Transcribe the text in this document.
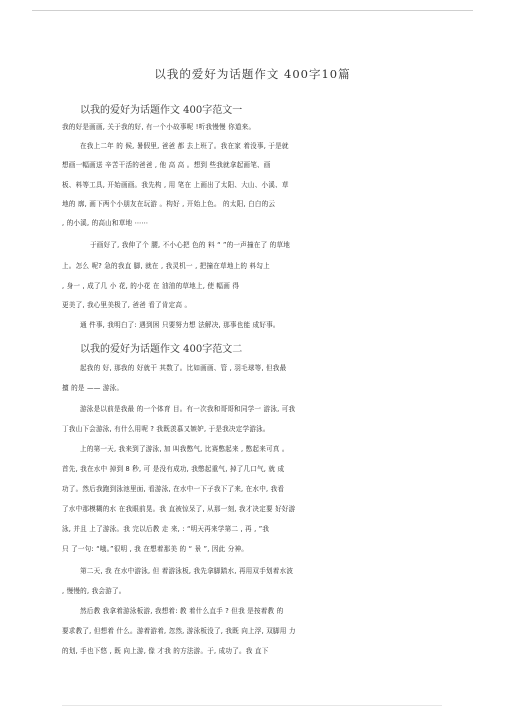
以我的爱好为话题作文 400字10篇
以我的爱好为话题作文 400字范文一
我的好是画画, 关于我的好, 有一个小故事呢 !听我慢慢 你道来。
在我上二年 的 候, 暑假里, 爸爸 都 去上班了。我在家 着没事, 于是就
想画一幅画送 辛苦干活的爸爸 , 他 高 高 。想到 些我就拿起画笔、画
板、料等工具, 开始画画。我先构 , 用 笔在 上画出了太阳、大山、小溪、草
地的 廓, 画下两个小朋友在玩游 。构好 , 开始上色。 的太阳, 白白的云
, 的小溪, 的高山和草地 ⋯⋯
于画好了, 我伸了个 腰, 不小心把 色的 料 “ ”的一声撞在了 的草地
上。怎么 呢? 急的我直 脚, 就在 , 我灵机一 , 把撞在草地上的 料勾上
, 身一 , 成了几 小 花, 的小花 在 油油的草地上, 使 幅画 得
更美了, 我心里美极了, 爸爸 看了肯定高 。
通 件事, 我明白了: 遇到困 只要努力想 法解决, 那事也能 成好事。
以我的爱好为话题作文 400字范文二
起我的 好, 那我的 好就干 其数了。比如画画、管 , 羽毛球等, 但我最
擅 的是 —— 游泳。
游泳是以前是我最 的一个体育 目。有一次我和哥哥和同学一 游泳, 可我
丁我山下会游泳, 有什么用呢 ? 我既羡慕又嫉妒, 于是我决定学游泳。
上的第一天, 我来到了游泳, 加 叫我憋气, 比赛憋起来 , 憋起来可真 。
首先, 我在水中 掉到 8 秒, 可 是没有成功, 我憋起重气, 掉了几口气, 就 成
功了。然后我跑到泳池里面, 看游泳, 在水中一下子我下了来, 在水中, 我看
了水中那模糊的水 在我眼前晃。我 直被惊呆了, 从那一刻, 我才决定要 好好游
泳, 并且 上了游泳。我 完以后教 走 来, : “明天再来学第二 , 再 , ”我
只 了一句: “哦。”很明 , 我 在想着那美 的 “ 景 ”, 因此 分神。
第二天, 我 在水中游泳, 但 着游泳板, 我先拿脚踏水, 再用双手划着水波
, 慢慢的, 我会游了。
然后教 我拿着游泳板游, 我想着: 教 着什么直手 ? 但我 是按着教 的
要求教了, 但想着 什么。游着游着, 忽然, 游泳板没了, 我既 向上浮, 双脚用 力
的划, 手也下悠 , 既 向上游, 像 才我 的方法游。于, 成功了。我 直下
